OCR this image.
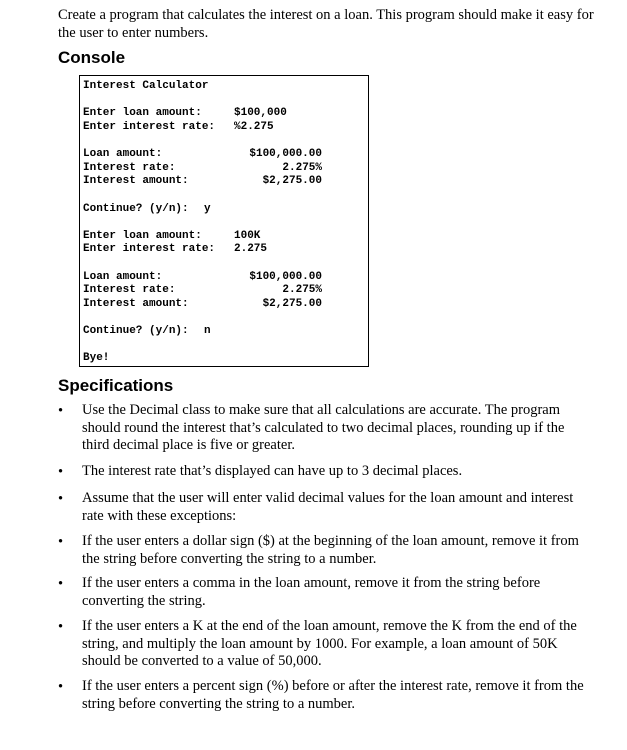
Create a program that calculates the interest on a loan. This program should make it easy for the user to enter numbers.
Console
Interest Calculator
Enter loan amount:	$100,000
Enter interest rate: %2.275
Loan amount:	$100,000.00
Interest rate:	2.275%
Interest amount:	$2,275.00
Continue? (y/n): y
Enter loan amount:	100K
Enter interest rate: 2.275
Loan amount:	$100,000.00
Interest rate:	2.275%
Interest amount:	$2,275.00
Continue? (y/n): n
Bye!
Specifications
• Use the Decimal class to make sure that all calculations are accurate. The program should round the interest that’s calculated to two decimal places, rounding up if the third decimal place is five or greater.
• The interest rate that’s displayed can have up to 3 decimal places.
• Assume that the user will enter valid decimal values for the loan amount and interest rate with these exceptions:
• If the user enters a dollar sign ($) at the beginning of the loan amount, remove it from the string before converting the string to a number.
• If the user enters a comma in the loan amount, remove it from the string before converting the string.
• If the user enters a K at the end of the loan amount, remove the K from the end of the string, and multiply the loan amount by 1000. For example, a loan amount of 50K should be converted to a value of 50,000.
• If the user enters a percent sign (%) before or after the interest rate, remove it from the string before converting the string to a number.
